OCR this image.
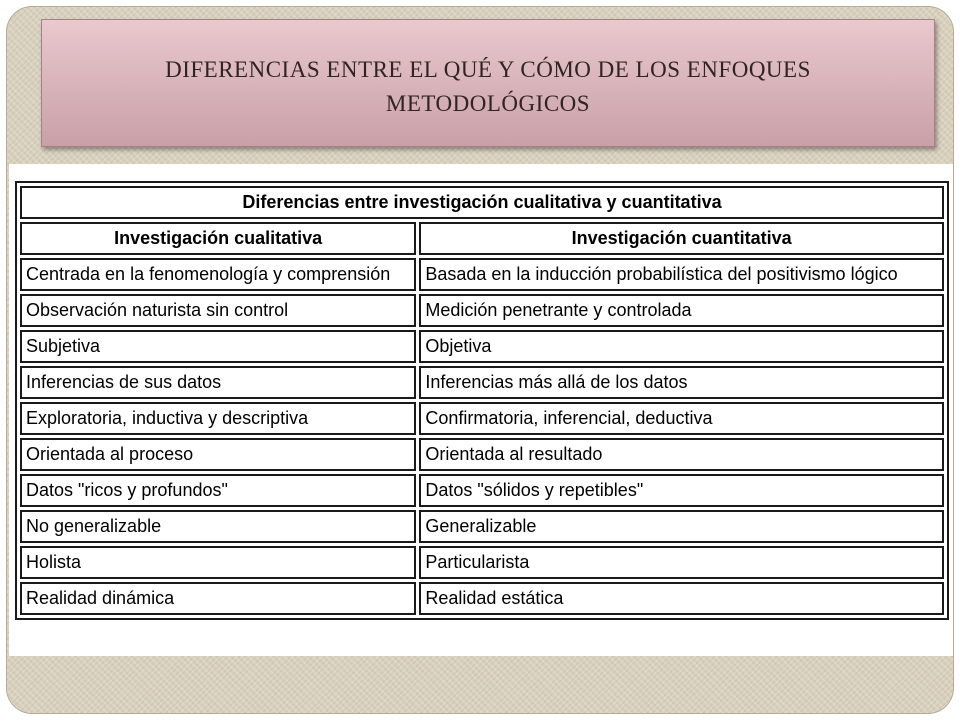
DIFERENCIAS ENTRE EL QUÉ Y CÓMO DE LOS ENFOQUES
METODOLÓGICOS
Diferencias entre investigación cualitativa y cuantitativa	
Investigación cualitativa	Investigación cuantitativa
Centrada en la fenomenología y comprensión	Basada en la inducción probabilística del positivismo lógico
Observación naturista sin control	Medición penetrante y controlada
Subjetiva	Objetiva
Inferencias de sus datos	Inferencias más allá de los datos
Exploratoria, inductiva y descriptiva	Confirmatoria, inferencial, deductiva
Orientada al proceso	Orientada al resultado
Datos "ricos y profundos"	Datos "sólidos y repetibles"
No generalizable	Generalizable
Holista	Particularista
Realidad dinámica	Realidad estática
